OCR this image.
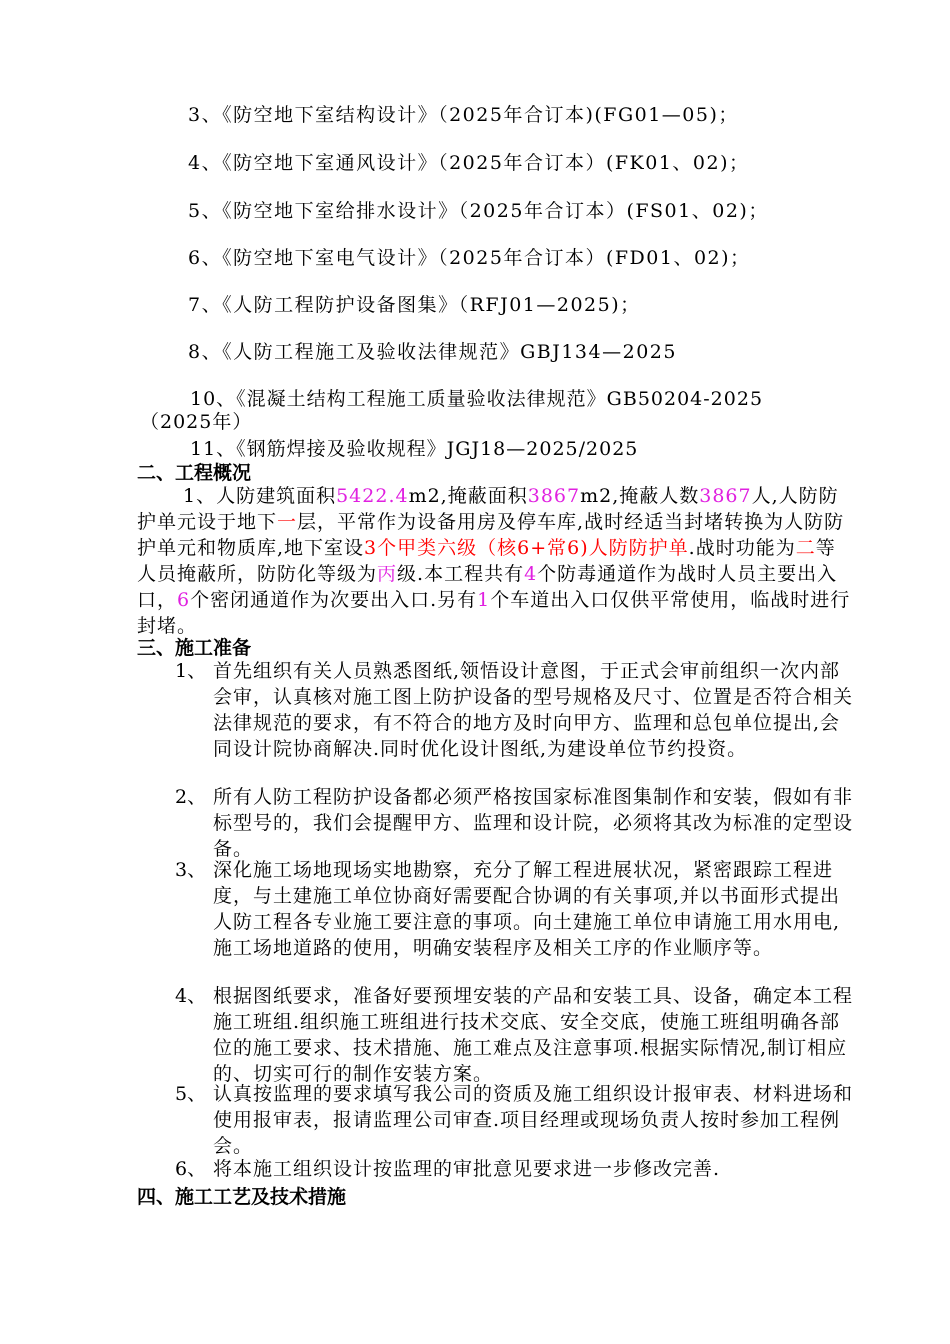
3、《防空地下室结构设计》（2025年合订本)(FG01—05)；
4、《防空地下室通风设计》（2025年合订本）(FK01、02)；
5、《防空地下室给排水设计》（2025年合订本）(FS01、02)；
6、《防空地下室电气设计》（2025年合订本）(FD01、02)；
7、《人防工程防护设备图集》（RFJ01—2025)；
8、《人防工程施工及验收法律规范》GBJ134—2025
10、《混凝土结构工程施工质量验收法律规范》GB50204-2025
（2025年）
11、《钢筋焊接及验收规程》JGJ18—2025/2025
二、工程概况
1、人防建筑面积5422.4m2,掩蔽面积3867m2,掩蔽人数3867人,人防防护单元设于地下一层，平常作为设备用房及停车库,战时经适当封堵转换为人防防护单元和物质库,地下室设3个甲类六级（核6+常6)人防防护单.战时功能为二等人员掩蔽所，防防化等级为丙级.本工程共有4个防毒通道作为战时人员主要出入口，6个密闭通道作为次要出入口.另有1个车道出入口仅供平常使用，临战时进行封堵。
三、施工准备
1、 首先组织有关人员熟悉图纸,领悟设计意图，于正式会审前组织一次内部会审，认真核对施工图上防护设备的型号规格及尺寸、位置是否符合相关法律规范的要求，有不符合的地方及时向甲方、监理和总包单位提出,会同设计院协商解决.同时优化设计图纸,为建设单位节约投资。
2、 所有人防工程防护设备都必须严格按国家标准图集制作和安装，假如有非标型号的，我们会提醒甲方、监理和设计院，必须将其改为标准的定型设备。
3、 深化施工场地现场实地勘察，充分了解工程进展状况，紧密跟踪工程进度，与土建施工单位协商好需要配合协调的有关事项,并以书面形式提出人防工程各专业施工要注意的事项。向土建施工单位申请施工用水用电,施工场地道路的使用，明确安装程序及相关工序的作业顺序等。
4、 根据图纸要求，准备好要预埋安装的产品和安装工具、设备，确定本工程施工班组.组织施工班组进行技术交底、安全交底，使施工班组明确各部位的施工要求、技术措施、施工难点及注意事项.根据实际情况,制订相应的、切实可行的制作安装方案。
5、 认真按监理的要求填写我公司的资质及施工组织设计报审表、材料进场和使用报审表，报请监理公司审查.项目经理或现场负责人按时参加工程例会。
6、 将本施工组织设计按监理的审批意见要求进一步修改完善.
四、施工工艺及技术措施
